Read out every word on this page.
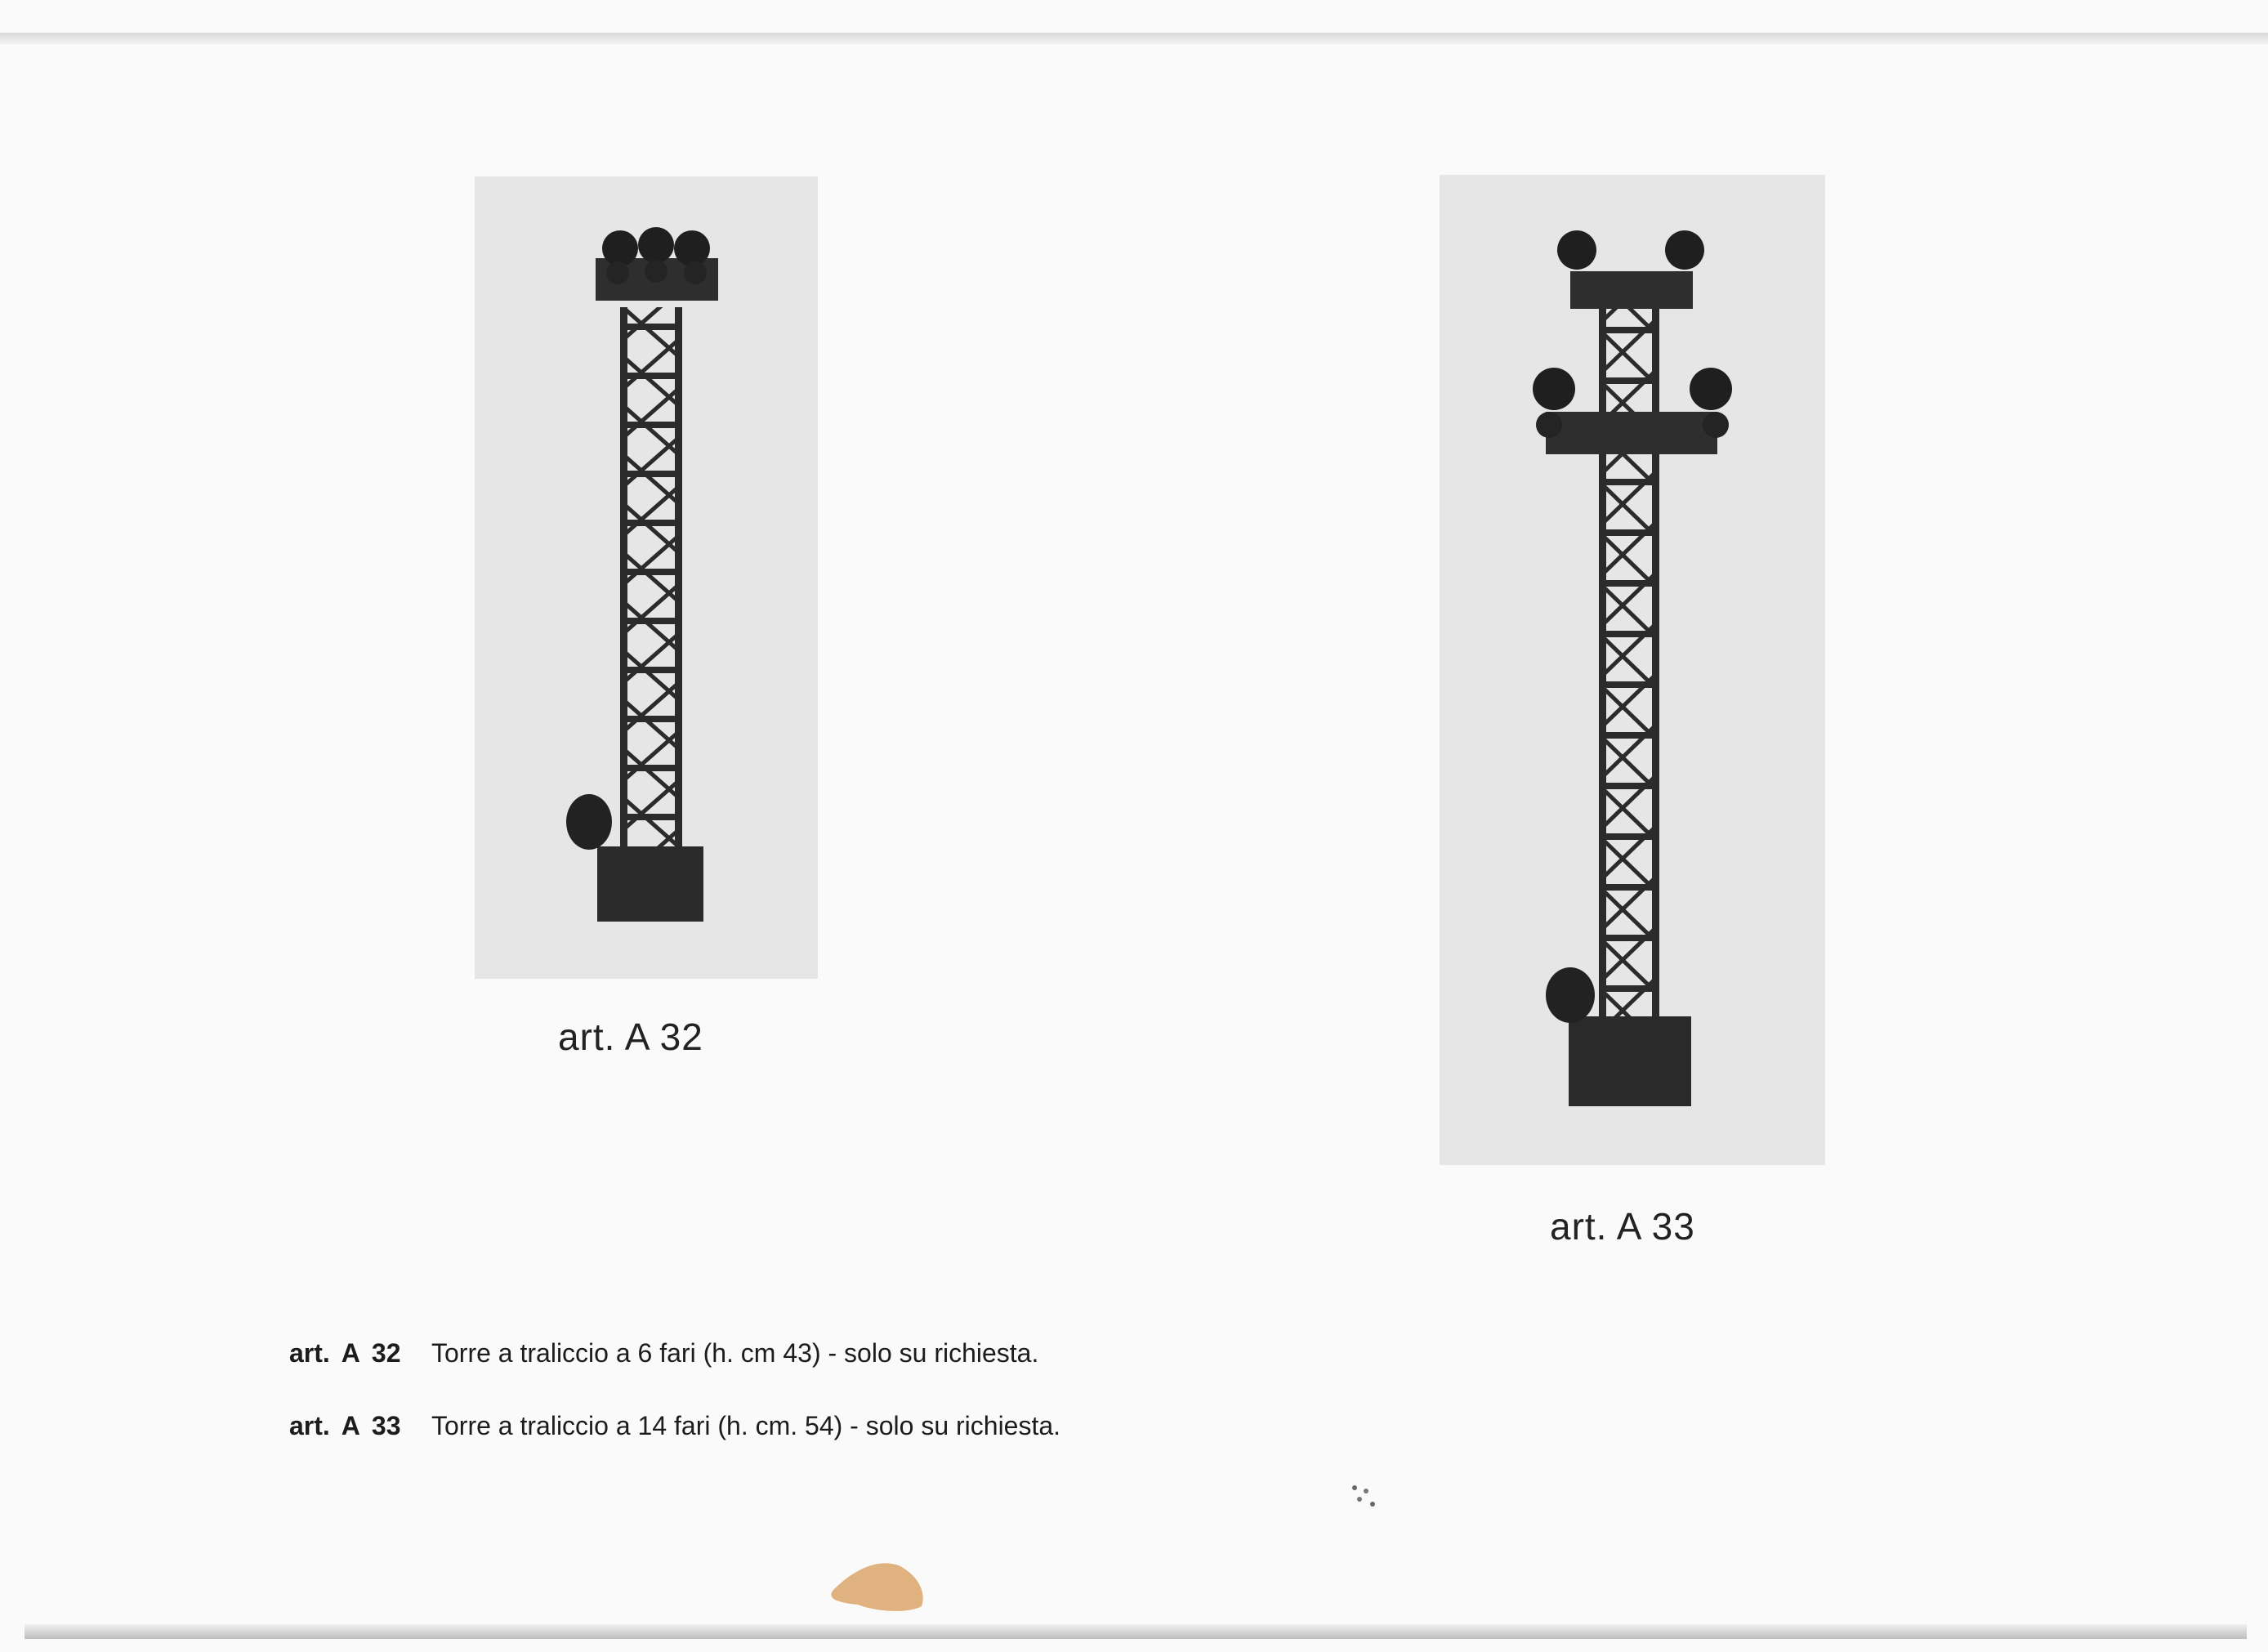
art. A 32
art. A 33
art. A 32 Torre a traliccio a 6 fari (h. cm 43) - solo su richiesta.
art. A 33 Torre a traliccio a 14 fari (h. cm. 54) - solo su richiesta.
